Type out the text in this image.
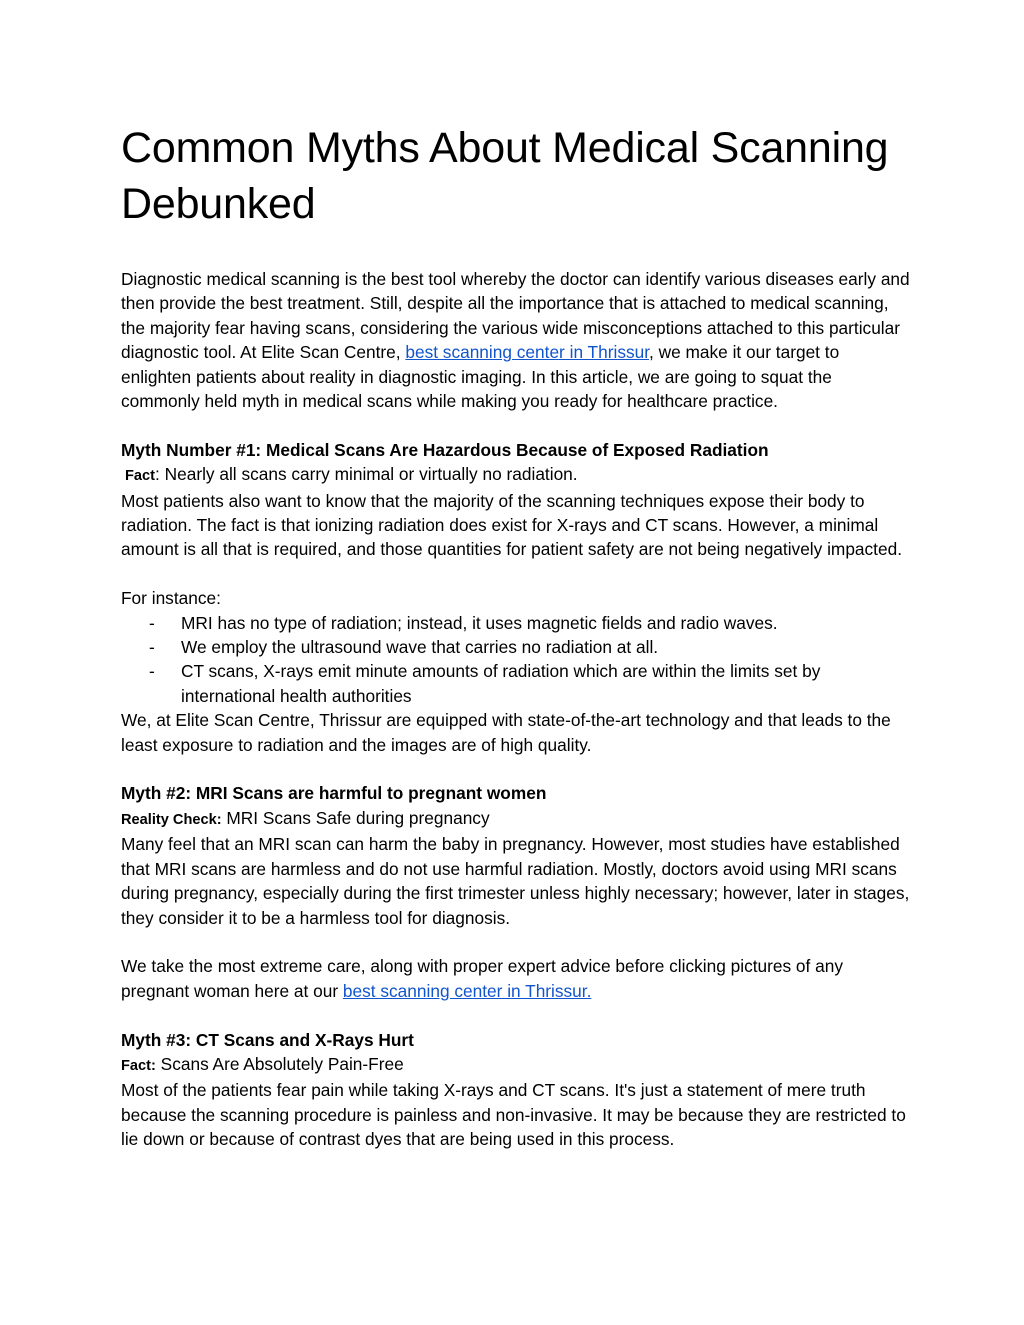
Common Myths About Medical Scanning Debunked

Diagnostic medical scanning is the best tool whereby the doctor can identify various diseases early and then provide the best treatment. Still, despite all the importance that is attached to medical scanning, the majority fear having scans, considering the various wide misconceptions attached to this particular diagnostic tool. At Elite Scan Centre, best scanning center in Thrissur, we make it our target to enlighten patients about reality in diagnostic imaging. In this article, we are going to squat the commonly held myth in medical scans while making you ready for healthcare practice.

Myth Number #1: Medical Scans Are Hazardous Because of Exposed Radiation

Fact: Nearly all scans carry minimal or virtually no radiation.

Most patients also want to know that the majority of the scanning techniques expose their body to radiation. The fact is that ionizing radiation does exist for X-rays and CT scans. However, a minimal amount is all that is required, and those quantities for patient safety are not being negatively impacted.

For instance:

- MRI has no type of radiation; instead, it uses magnetic fields and radio waves.
- We employ the ultrasound wave that carries no radiation at all.
- CT scans, X-rays emit minute amounts of radiation which are within the limits set by international health authorities

We, at Elite Scan Centre, Thrissur are equipped with state-of-the-art technology and that leads to the least exposure to radiation and the images are of high quality.

Myth #2: MRI Scans are harmful to pregnant women

Reality Check: MRI Scans Safe during pregnancy

Many feel that an MRI scan can harm the baby in pregnancy. However, most studies have established that MRI scans are harmless and do not use harmful radiation. Mostly, doctors avoid using MRI scans during pregnancy, especially during the first trimester unless highly necessary; however, later in stages, they consider it to be a harmless tool for diagnosis.

We take the most extreme care, along with proper expert advice before clicking pictures of any pregnant woman here at our best scanning center in Thrissur.

Myth #3: CT Scans and X-Rays Hurt

Fact: Scans Are Absolutely Pain-Free

Most of the patients fear pain while taking X-rays and CT scans. It's just a statement of mere truth because the scanning procedure is painless and non-invasive. It may be because they are restricted to lie down or because of contrast dyes that are being used in this process.
